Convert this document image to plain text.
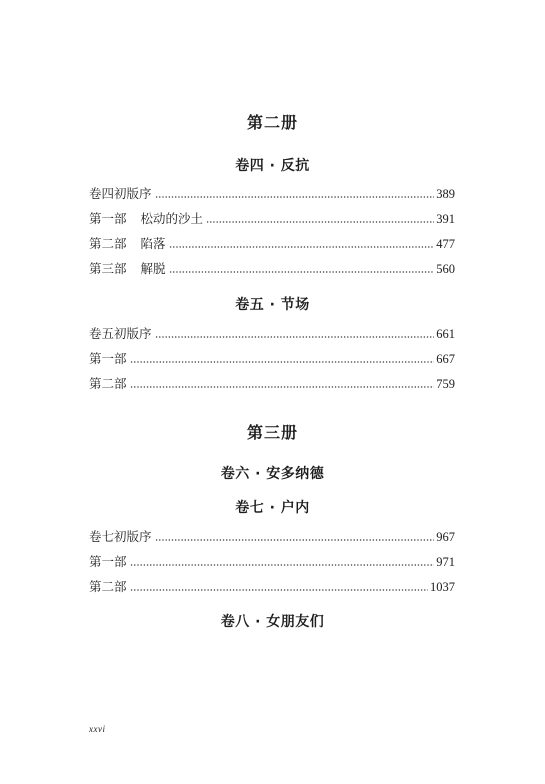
第二册
卷四 · 反抗
卷四初版序	389
第一部 松动的沙土	391
第二部 陷落	477
第三部 解脱	560
卷五 · 节场
卷五初版序	661
第一部	667
第二部	759
第三册
卷六 · 安多纳德
卷七 · 户内
卷七初版序	967
第一部	971
第二部	1037
卷八 · 女朋友们
xxvi
